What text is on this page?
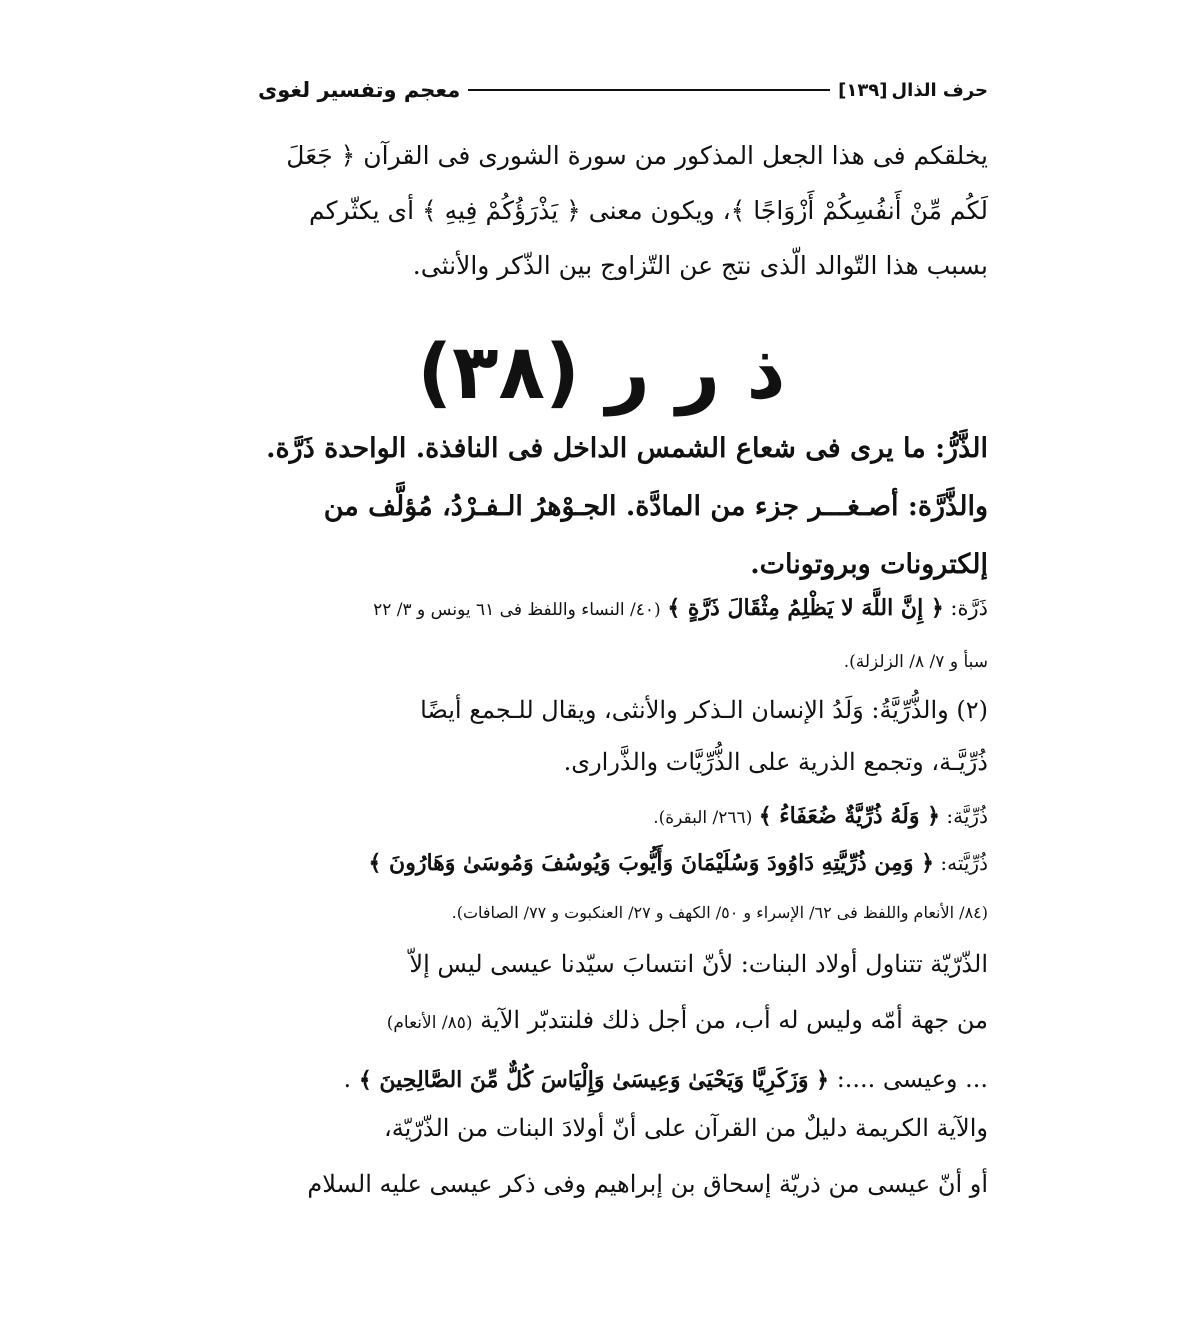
معجم وتفسير لغوى	حرف الذال
[١٣٩]
يخلقكم فى هذا الجعل المذكور من سورة الشورى فى القرآن ﴿ جَعَلَ
لَكُم مِّنْ أَنفُسِكُمْ أَزْوَاجًا ﴾، ويكون معنى ﴿ يَذْرَؤُكُمْ فِيهِ ﴾ أى يكثّركم
بسبب هذا التّوالد الّذى نتج عن التّزاوج بين الذّكر والأنثى.
ذ ر ر (٣٨)
الذَّرُّ: ما يرى فى شعاع الشمس الداخل فى النافذة. الواحدة ذَرَّة.
والذَّرَّة: أصـغـــر جزء من المادَّة. الجـوْهرُ الـفـرْدُ، مُؤلَّف من
إلكترونات وبروتونات.
ذَرَّة: ﴿ إِنَّ اللَّهَ لا يَظْلِمُ مِثْقَالَ ذَرَّةٍ ﴾ (٤٠/ النساء واللفظ فى ٦١ يونس و ٣/ ٢٢
سبأ و ٧/ ٨/ الزلزلة).
(٢) والذُّرِّيَّةُ: وَلَدُ الإنسان الـذكر والأنثى، ويقال للـجمع أيضًا
ذُرِّيَّـة، وتجمع الذرية على الذُّرِّيَّات والذَّرارى.
ذُرِّيَّة: ﴿ وَلَهُ ذُرِّيَّةٌ ضُعَفَاءُ ﴾ (٢٦٦/ البقرة).
ذُرِّيَّته: ﴿ وَمِن ذُرِّيَّتِهِ دَاوُودَ وَسُلَيْمَانَ وَأَيُّوبَ وَيُوسُفَ وَمُوسَىٰ وَهَارُونَ ﴾
(٨٤/ الأنعام واللفظ فى ٦٢/ الإسراء و ٥٠/ الكهف و ٢٧/ العنكبوت و ٧٧/ الصافات).
الذّرّيّة تتناول أولاد البنات: لأنّ انتسابَ سيّدنا عيسى ليس إلاّ
من جهة أمّه وليس له أب، من أجل ذلك فلنتدبّر الآية (٨٥/ الأنعام)
... وعيسى ....: ﴿ وَزَكَرِيَّا وَيَحْيَىٰ وَعِيسَىٰ وَإِلْيَاسَ كُلٌّ مِّنَ الصَّالِحِينَ ﴾ .
والآية الكريمة دليلٌ من القرآن على أنّ أولادَ البنات من الذّرّيّة،
أو أنّ عيسى من ذريّة إسحاق بن إبراهيم وفى ذكر عيسى عليه السلام
